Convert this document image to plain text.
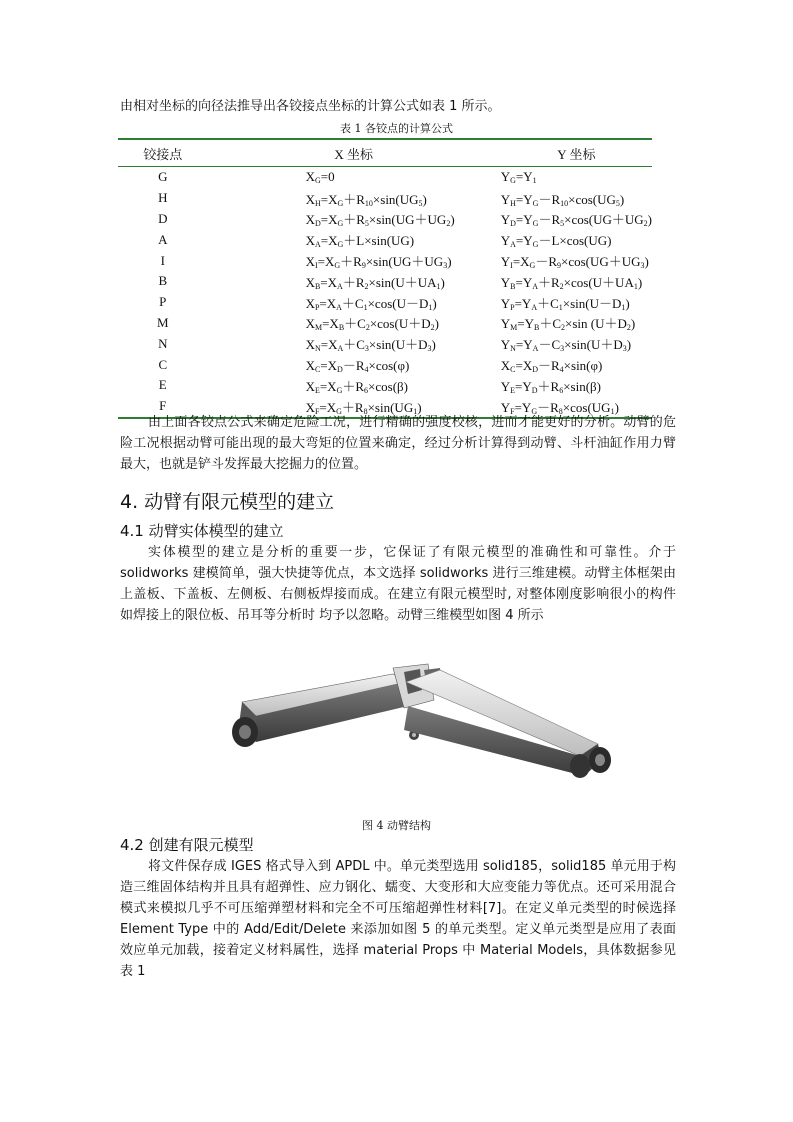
由相对坐标的向径法推导出各铰接点坐标的计算公式如表 1 所示。
表 1 各铰点的计算公式
铰接点	X 坐标	Y 坐标
G	$X_G=0$	$Y_G=Y_1$
H	$X_H=X_G+R_{10}\times\sin(UG_5)$	$Y_H=Y_G-R_{10}\times\cos(UG_5)$
D	$X_D=X_G+R_5\times\sin(UG+UG_2)$	$Y_D=Y_G-R_5\times\cos(UG+UG_2)$
A	$X_A=X_G+L\times\sin(UG)$	$Y_A=Y_G-L\times\cos(UG)$
I	$X_I=X_G+R_9\times\sin(UG+UG_3)$	$Y_I=X_G-R_9\times\cos(UG+UG_3)$
B	$X_B=X_A+R_2\times\sin(U+UA_1)$	$Y_B=Y_A+R_2\times\cos(U+UA_1)$
P	$X_P=X_A+C_1\times\cos(U-D_1)$	$Y_P=Y_A+C_1\times\sin(U-D_1)$
M	$X_M=X_B+C_2\times\cos(U+D_2)$	$Y_M=Y_B+C_2\times\sin$ $(U+D_2)$
N	$X_N=X_A+C_3\times\sin(U+D_3)$	$Y_N=Y_A-C_3\times\sin(U+D_3)$
C	$X_C=X_D-R_4\times\cos(\varphi)$	$X_C=X_D-R_4\times\sin(\varphi)$
E	$X_E=X_G+R_6\times\cos(\beta)$	$Y_E=Y_D+R_6\times\sin(\beta)$
F	$X_F=X_G+R_8\times\sin(UG_1)$	$Y_F=Y_G-R_8\times\cos(UG_1)$
由上面各铰点公式来确定危险工况，进行精确的强度校核，进而才能更好的分析。动臂的危险工况根据动臂可能出现的最大弯矩的位置来确定，经过分析计算得到动臂、斗杆油缸作用力臂最大，也就是铲斗发挥最大挖掘力的位置。
4. 动臂有限元模型的建立
4.1 动臂实体模型的建立
实体模型的建立是分析的重要一步，它保证了有限元模型的准确性和可靠性。介于 solidworks 建模简单，强大快捷等优点，本文选择 solidworks 进行三维建模。动臂主体框架由上盖板、下盖板、左侧板、右侧板焊接而成。在建立有限元模型时, 对整体刚度影响很小的构件 如焊接上的限位板、吊耳等分析时 均予以忽略。动臂三维模型如图 4 所示
图 4 动臂结构
4.2 创建有限元模型
将文件保存成 IGES 格式导入到 APDL 中。单元类型选用 solid185，solid185 单元用于构造三维固体结构并且具有超弹性、应力钢化、蠕变、大变形和大应变能力等优点。还可采用混合模式来模拟几乎不可压缩弹塑材料和完全不可压缩超弹性材料[7]。在定义单元类型的时候选择 Element Type 中的 Add/Edit/Delete 来添加如图 5 的单元类型。定义单元类型是应用了表面效应单元加载，接着定义材料属性，选择 material Props 中 Material Models，具体数据参见表 1
